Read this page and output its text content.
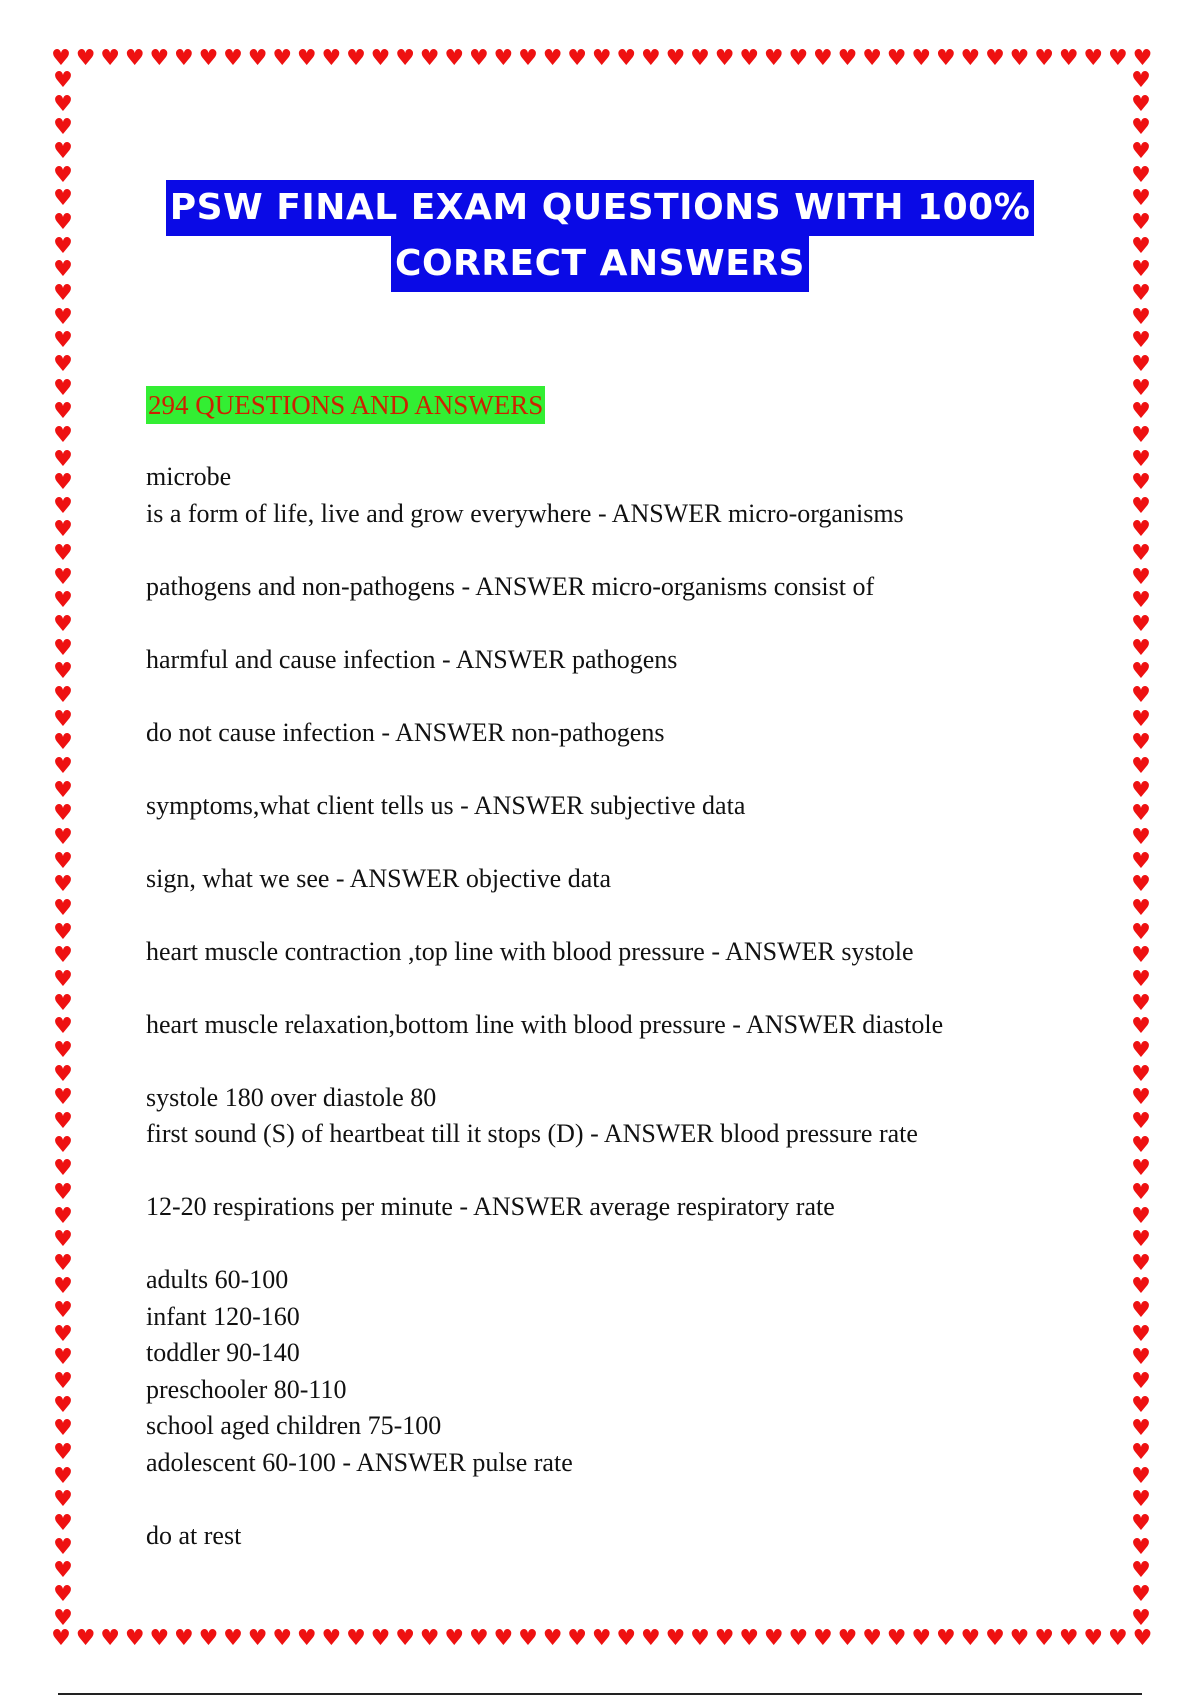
♥ ♥ ♥ ♥ ♥ ♥ ♥ ♥ ♥ ♥ ♥ ♥ ♥ ♥ ♥ ♥ ♥ ♥ ♥ ♥ ♥ ♥ ♥ ♥ ♥ ♥ ♥ ♥ ♥ ♥ ♥ ♥ ♥ ♥ ♥ ♥ ♥ ♥ ♥ ♥ ♥ ♥ ♥ ♥ ♥
♥ ♥ ♥ ♥ ♥ ♥ ♥ ♥ ♥ ♥ ♥ ♥ ♥ ♥ ♥ ♥ ♥ ♥ ♥ ♥ ♥ ♥ ♥ ♥ ♥ ♥ ♥ ♥ ♥ ♥ ♥ ♥ ♥ ♥ ♥ ♥ ♥ ♥ ♥ ♥ ♥ ♥ ♥ ♥ ♥
♥
♥
♥
♥
♥
♥
♥
♥
♥
♥
♥
♥
♥
♥
♥
♥
♥
♥
♥
♥
♥
♥
♥
♥
♥
♥
♥
♥
♥
♥
♥
♥
♥
♥
♥
♥
♥
♥
♥
♥
♥
♥
♥
♥
♥
♥
♥
♥
♥
♥
♥
♥
♥
♥
♥
♥
♥
♥
♥
♥
♥
♥
♥
♥
♥
♥
♥
♥
♥
♥
♥
♥
♥
♥
♥
♥
♥
♥
♥
♥
♥
♥
♥
♥
♥
♥
♥
♥
♥
♥
♥
♥
♥
♥
♥
♥
♥
♥
♥
♥
♥
♥
♥
♥
♥
♥
♥
♥
♥
♥
♥
♥
♥
♥
♥
♥
♥
♥
♥
♥
♥
♥
♥
♥
♥
♥
♥
♥
♥
♥
♥
♥
PSW FINAL EXAM QUESTIONS WITH 100%
CORRECT ANSWERS
294 QUESTIONS AND ANSWERS
microbe
is a form of life, live and grow everywhere - ANSWER micro-organisms
pathogens and non-pathogens - ANSWER micro-organisms consist of
harmful and cause infection - ANSWER pathogens
do not cause infection - ANSWER non-pathogens
symptoms,what client tells us - ANSWER subjective data
sign, what we see - ANSWER objective data
heart muscle contraction ,top line with blood pressure - ANSWER systole
heart muscle relaxation,bottom line with blood pressure - ANSWER diastole
systole 180 over diastole 80
first sound (S) of heartbeat till it stops (D) - ANSWER blood pressure rate
12-20 respirations per minute - ANSWER average respiratory rate
adults 60-100
infant 120-160
toddler 90-140
preschooler 80-110
school aged children 75-100
adolescent 60-100 - ANSWER pulse rate
do at rest
